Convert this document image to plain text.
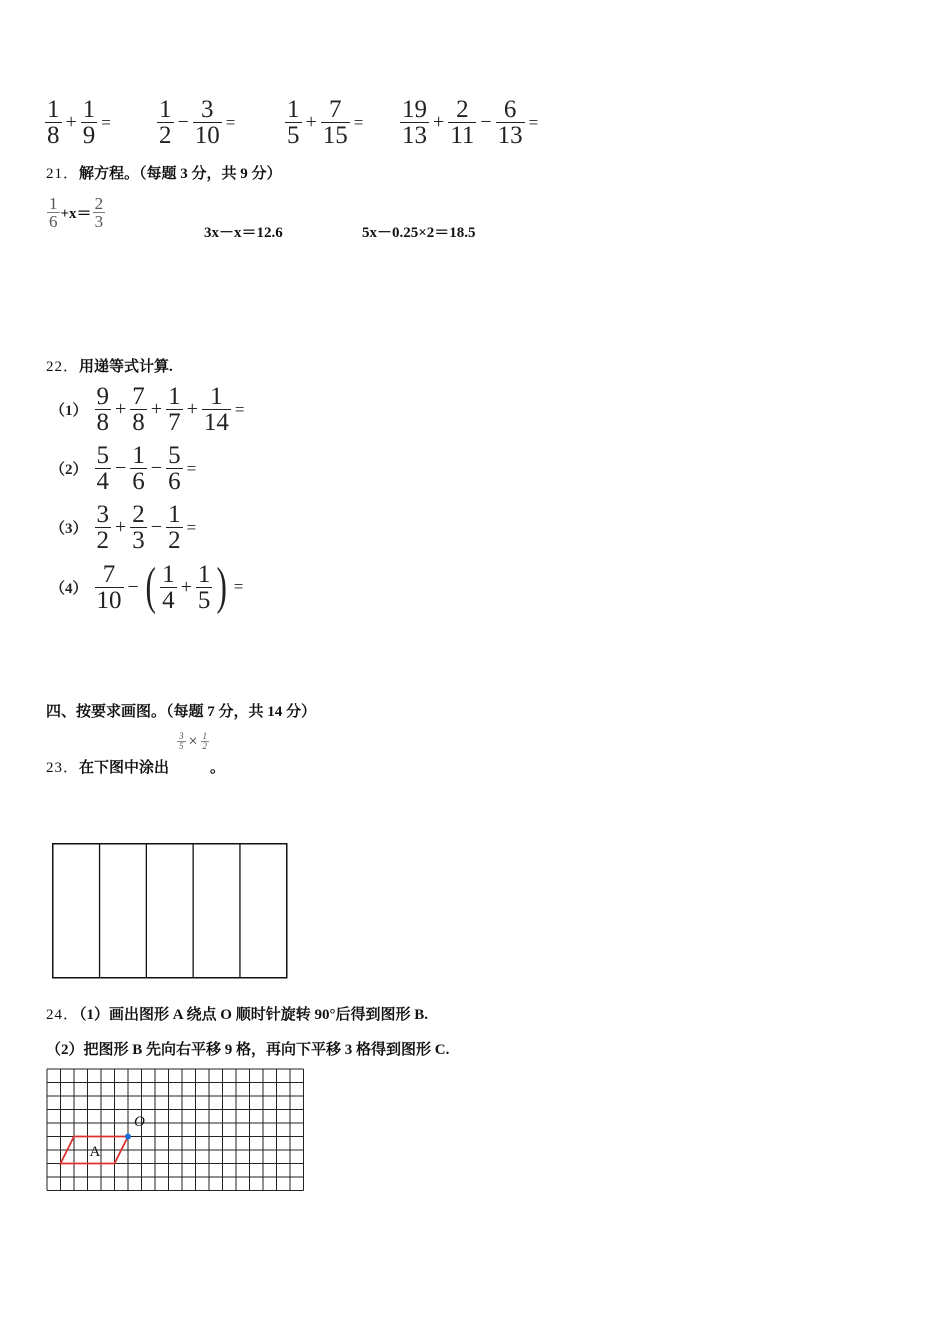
$\frac{1}{8} + \frac{1}{9} = \frac{1}{2} - \frac{3}{10} = \frac{1}{5} + \frac{7}{15} = \frac{19}{13} + \frac{2}{11} - \frac{6}{13}$ =
21．解方程。（每题 3 分，共 9 分）
$\frac{1}{6} +x= \frac{2}{3}$
3x－x＝12.6	5x－0.25×2＝18.5
22．用递等式计算.
$(1) \frac{9}{8} + \frac{7}{8} + \frac{1}{7} + \frac{1}{14}$ =
$(2) \frac{5}{4} - \frac{1}{6} - \frac{5}{6}$ =
$(3) \frac{3}{2} + \frac{2}{3} - \frac{1}{2}$ =
$(4) \frac{7}{10}$ − ( $\frac{1}{4} + \frac{1}{5}$ ) =
四、按要求画图。（每题 7 分，共 14 分）
23．在下图中涂出
$\frac{3}{5} \times \frac{1}{2}$
。
24．（1）画出图形 A 绕点 O 顺时针旋转 90°后得到图形 B.
（2）把图形 B 先向右平移 9 格，再向下平移 3 格得到图形 C.
A
O
